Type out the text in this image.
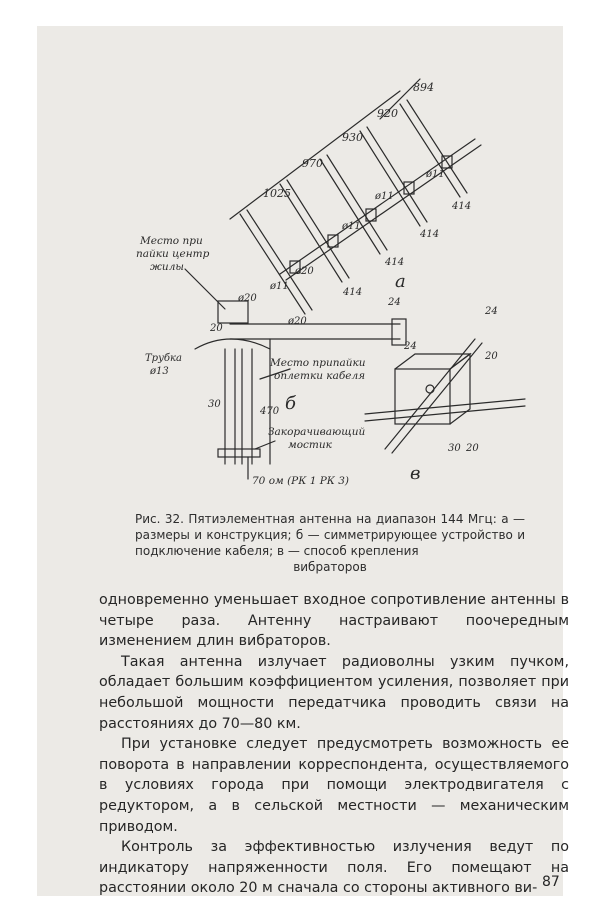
894
920
930
970
1025
414
414
414
414
24
ø11
ø11
ø11
ø11
ø20
ø20
ø20
20
24
30
470
30 20
20
24
Трубка
ø13
Место при
пайки центр
жилы
Место припайки
оплетки кабеля
Закорачивающий
мостик
70 ом (РК 1 РК 3)
а
б
в
Рис. 32. Пятиэлементная антенна на диапазон 144 Мгц: а — размеры и конструкция; б — симметрирующее устройство и подключение кабеля; в — способ крепления
вибраторов

одновременно уменьшает входное сопротивление антенны в четыре раза. Антенну настраивают поочередным изменением длин вибраторов.

Такая антенна излучает радиоволны узким пучком, обладает большим коэффициентом усиления, позволяет при небольшой мощности передатчика проводить связи на расстояниях до 70—80 км.

При установке следует предусмотреть возможность ее поворота в направлении корреспондента, осуществляемого в условиях города при помощи электродвигателя с редуктором, а в сельской местности — механическим приводом.

Контроль за эффективностью излучения ведут по индикатору напряженности поля. Его помещают на расстоянии около 20 м сначала со стороны активного ви- 87
